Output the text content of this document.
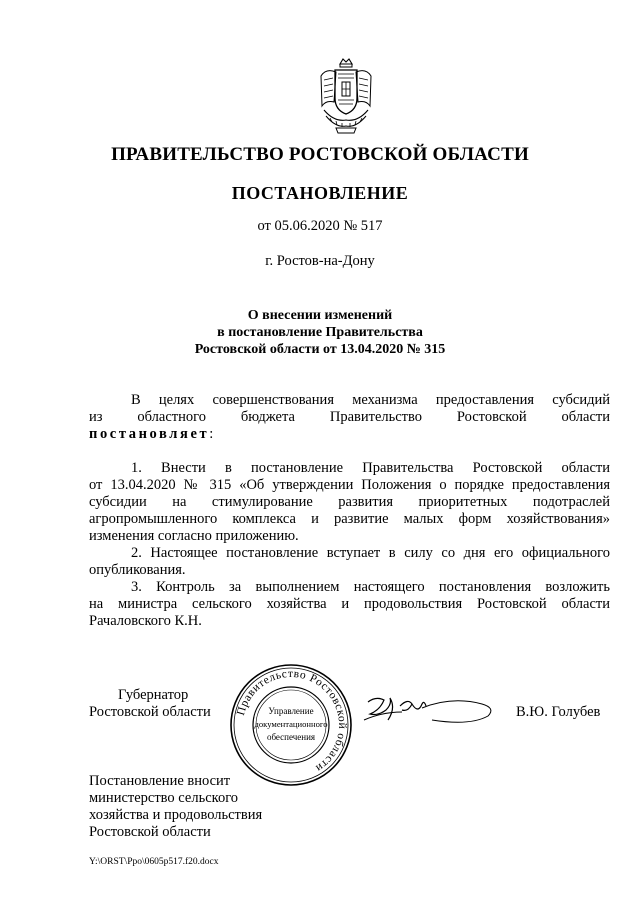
ПРАВИТЕЛЬСТВО РОСТОВСКОЙ ОБЛАСТИ
ПОСТАНОВЛЕНИЕ
от 05.06.2020 № 517
г. Ростов-на-Дону
О внесении изменений
в постановление Правительства
Ростовской области от 13.04.2020 № 315
В целях совершенствования механизма предоставления субсидий
из областного бюджета Правительство Ростовской области
постановляет:
1. Внести в постановление Правительства Ростовской области
от 13.04.2020 № 315 «Об утверждении Положения о порядке предоставления
субсидии на стимулирование развития приоритетных подотраслей
агропромышленного комплекса и развитие малых форм хозяйствования»
изменения согласно приложению.
2. Настоящее постановление вступает в силу со дня его официального
опубликования.
3. Контроль за выполнением настоящего постановления возложить
на министра сельского хозяйства и продовольствия Ростовской области
Рачаловского К.Н.
Губернатор
Ростовской области	В.Ю. Голубев
Правительство Ростовской области
Управление
документационного
обеспечения
Постановление вносит
министерство сельского
хозяйства и продовольствия
Ростовской области
Y:\ORST\Ppo\0605p517.f20.docx
